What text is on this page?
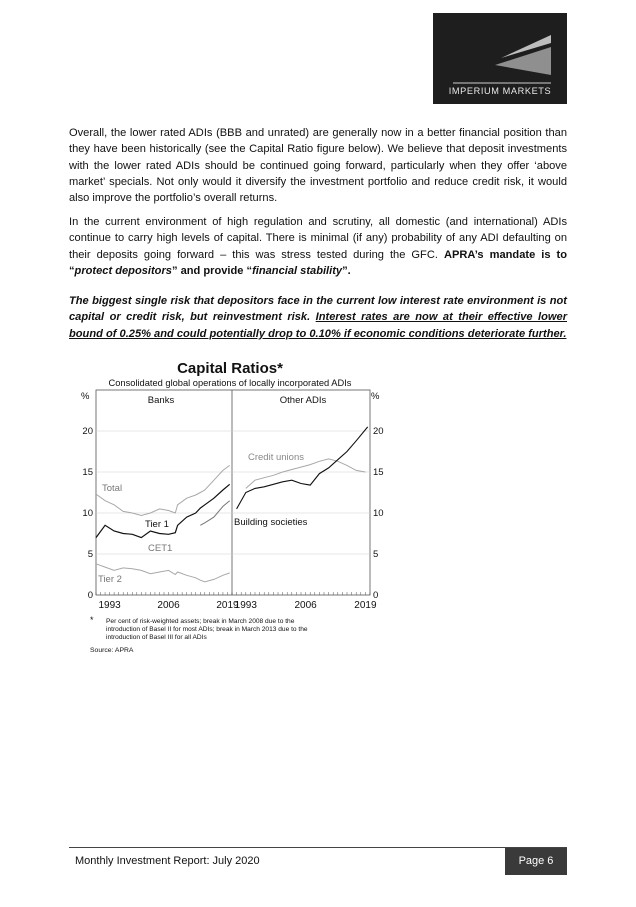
IMPERIUM MARKETS

Overall, the lower rated ADIs (BBB and unrated) are generally now in a better financial position than they have been historically (see the Capital Ratio figure below). We believe that deposit investments with the lower rated ADIs should be continued going forward, particularly when they offer ‘above market’ specials. Not only would it diversify the investment portfolio and reduce credit risk, it would also improve the portfolio’s overall returns.

In the current environment of high regulation and scrutiny, all domestic (and international) ADIs continue to carry high levels of capital. There is minimal (if any) probability of any ADI defaulting on their deposits going forward – this was stress tested during the GFC. APRA’s mandate is to “protect depositors” and provide “financial stability”.

The biggest single risk that depositors face in the current low interest rate environment is not capital or credit risk, but reinvestment risk. Interest rates are now at their effective lower bound of 0.25% and could potentially drop to 0.10% if economic conditions deteriorate further.

Capital Ratios*
Consolidated global operations of locally incorporated ADIs
%	%
Banks	Other ADIs
0	0
5	5
10	10
15	15
20	20
1993	2006	2019
1993	2006	2019
Total
Tier 1
CET1
Tier 2
Credit unions
Building societies
* Per cent of risk-weighted assets; break in March 2008 due to the
introduction of Basel II for most ADIs; break in March 2013 due to the
introduction of Basel III for all ADIs
Source: APRA
Monthly Investment Report: July 2020	Page 6
